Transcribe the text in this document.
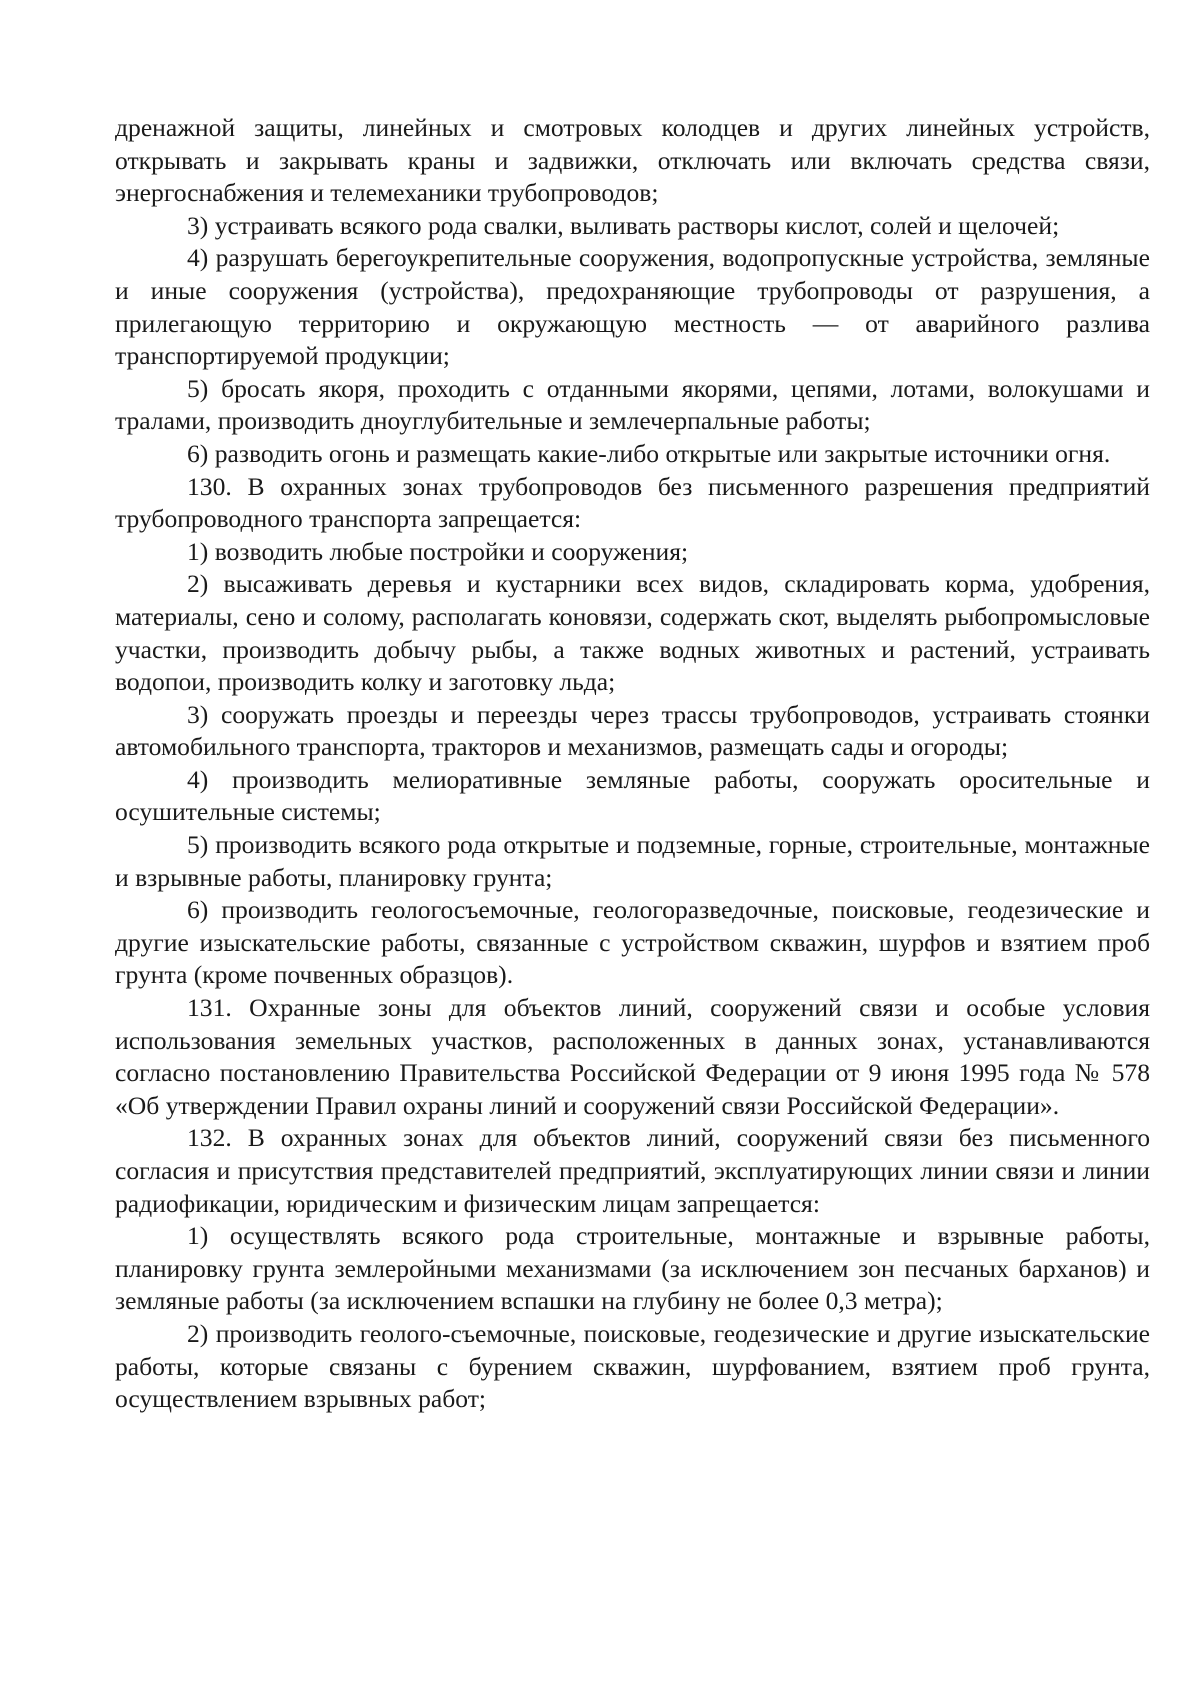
дренажной защиты, линейных и смотровых колодцев и других линейных устройств, открывать и закрывать краны и задвижки, отключать или включать средства связи, энергоснабжения и телемеханики трубопроводов;

3) устраивать всякого рода свалки, выливать растворы кислот, солей и щелочей;

4) разрушать берегоукрепительные сооружения, водопропускные устройства, земляные и иные сооружения (устройства), предохраняющие трубопроводы от разрушения, а прилегающую территорию и окружающую местность — от аварийного разлива транспортируемой продукции;

5) бросать якоря, проходить с отданными якорями, цепями, лотами, волокушами и тралами, производить дноуглубительные и землечерпальные работы;

6) разводить огонь и размещать какие-либо открытые или закрытые источники огня.

130. В охранных зонах трубопроводов без письменного разрешения предприятий трубопроводного транспорта запрещается:

1) возводить любые постройки и сооружения;

2) высаживать деревья и кустарники всех видов, складировать корма, удобрения, материалы, сено и солому, располагать коновязи, содержать скот, выделять рыбопромысловые участки, производить добычу рыбы, а также водных животных и растений, устраивать водопои, производить колку и заготовку льда;

3) сооружать проезды и переезды через трассы трубопроводов, устраивать стоянки автомобильного транспорта, тракторов и механизмов, размещать сады и огороды;

4) производить мелиоративные земляные работы, сооружать оросительные и осушительные системы;

5) производить всякого рода открытые и подземные, горные, строительные, монтажные и взрывные работы, планировку грунта;

6) производить геологосъемочные, геологоразведочные, поисковые, геодезические и другие изыскательские работы, связанные с устройством скважин, шурфов и взятием проб грунта (кроме почвенных образцов).

131. Охранные зоны для объектов линий, сооружений связи и особые условия использования земельных участков, расположенных в данных зонах, устанавливаются согласно постановлению Правительства Российской Федерации от 9 июня 1995 года № 578 «Об утверждении Правил охраны линий и сооружений связи Российской Федерации».

132. В охранных зонах для объектов линий, сооружений связи без письменного согласия и присутствия представителей предприятий, эксплуатирующих линии связи и линии радиофикации, юридическим и физическим лицам запрещается:

1) осуществлять всякого рода строительные, монтажные и взрывные работы, планировку грунта землеройными механизмами (за исключением зон песчаных барханов) и земляные работы (за исключением вспашки на глубину не более 0,3 метра);

2) производить геолого-съемочные, поисковые, геодезические и другие изыскательские работы, которые связаны с бурением скважин, шурфованием, взятием проб грунта, осуществлением взрывных работ;
